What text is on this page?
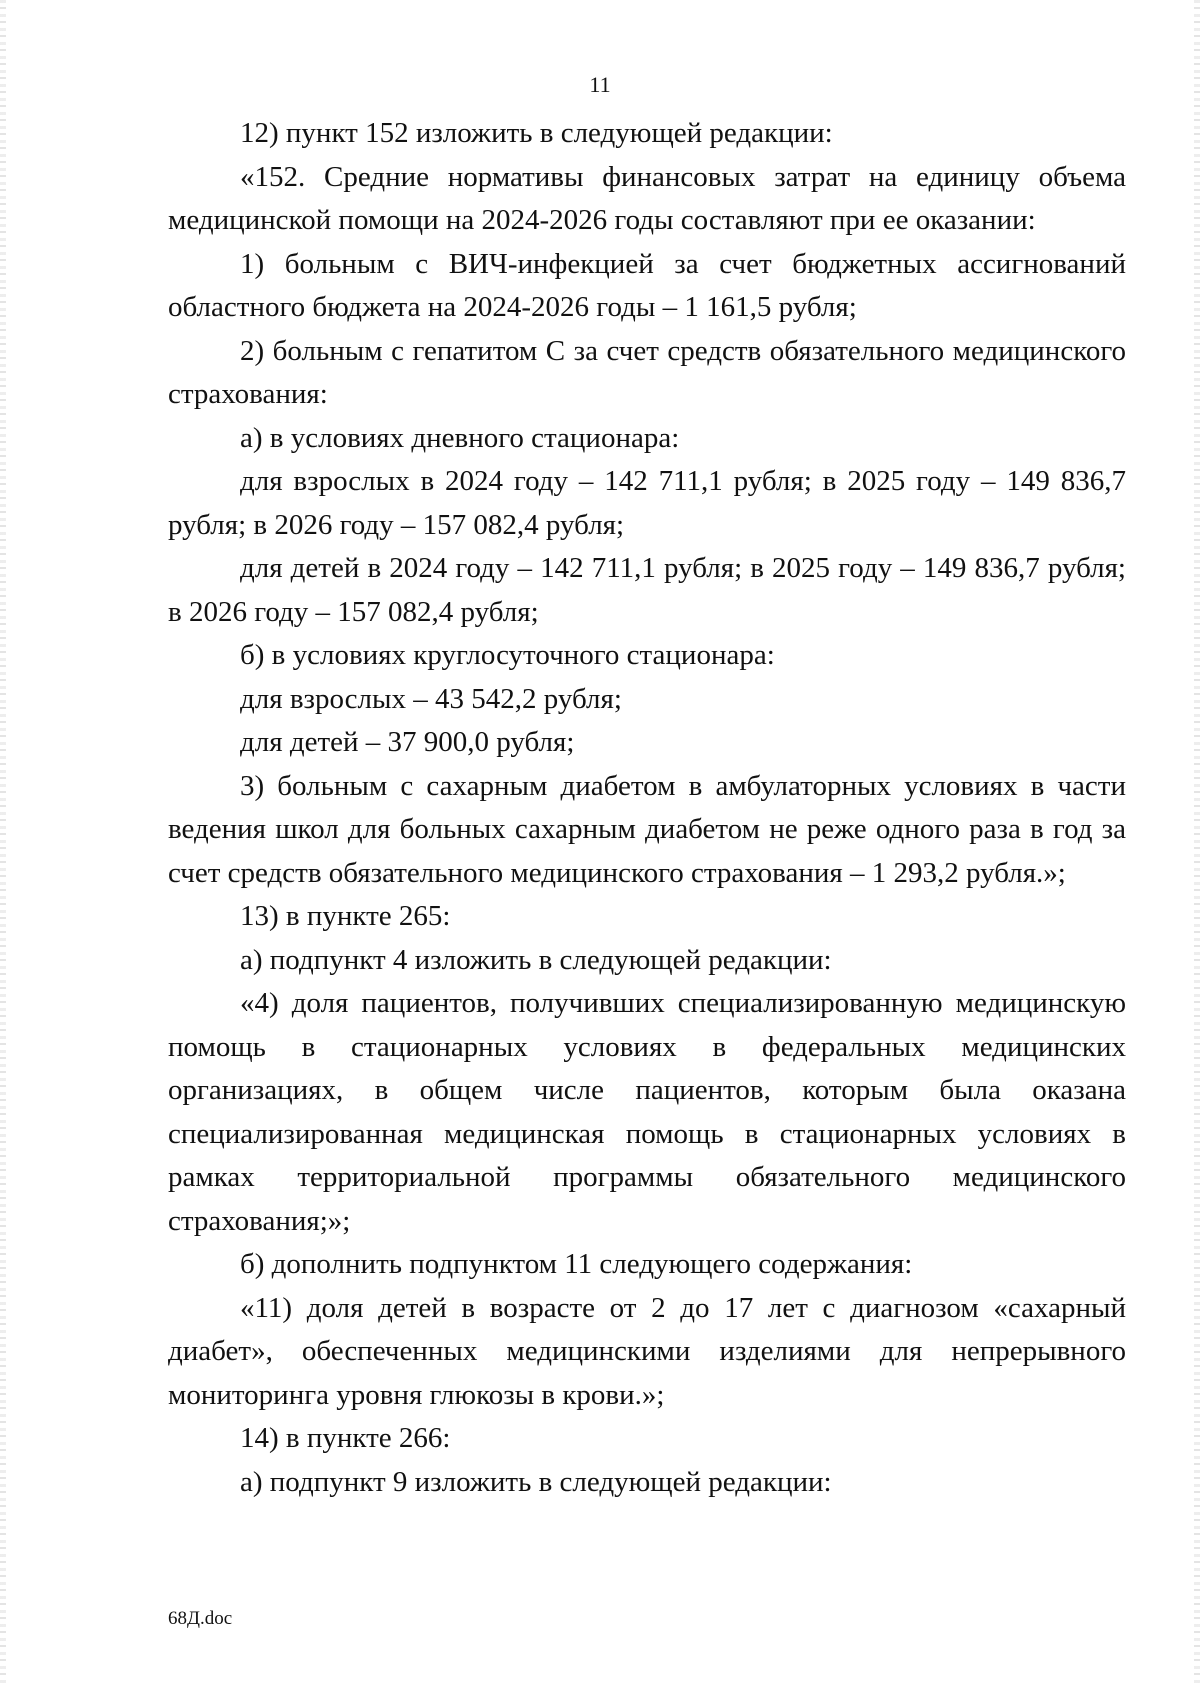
11

12) пункт 152 изложить в следующей редакции:

«152. Средние нормативы финансовых затрат на единицу объема медицинской помощи на 2024-2026 годы составляют при ее оказании:

1) больным с ВИЧ-инфекцией за счет бюджетных ассигнований областного бюджета на 2024-2026 годы – 1 161,5 рубля;

2) больным с гепатитом С за счет средств обязательного медицинского страхования:

а) в условиях дневного стационара:

для взрослых в 2024 году – 142 711,1 рубля; в 2025 году – 149 836,7 рубля; в 2026 году – 157 082,4 рубля;

для детей в 2024 году – 142 711,1 рубля; в 2025 году – 149 836,7 рубля; в 2026 году – 157 082,4 рубля;

б) в условиях круглосуточного стационара:

для взрослых – 43 542,2 рубля;

для детей – 37 900,0 рубля;

3) больным с сахарным диабетом в амбулаторных условиях в части ведения школ для больных сахарным диабетом не реже одного раза в год за счет средств обязательного медицинского страхования – 1 293,2 рубля.»;

13) в пункте 265:

а) подпункт 4 изложить в следующей редакции:

«4) доля пациентов, получивших специализированную медицинскую помощь в стационарных условиях в федеральных медицинских организациях, в общем числе пациентов, которым была оказана специализированная медицинская помощь в стационарных условиях в рамках территориальной программы обязательного медицинского страхования;»;

б) дополнить подпунктом 11 следующего содержания:

«11) доля детей в возрасте от 2 до 17 лет с диагнозом «сахарный диабет», обеспеченных медицинскими изделиями для непрерывного мониторинга уровня глюкозы в крови.»;

14) в пункте 266:

а) подпункт 9 изложить в следующей редакции:

68Д.doc
